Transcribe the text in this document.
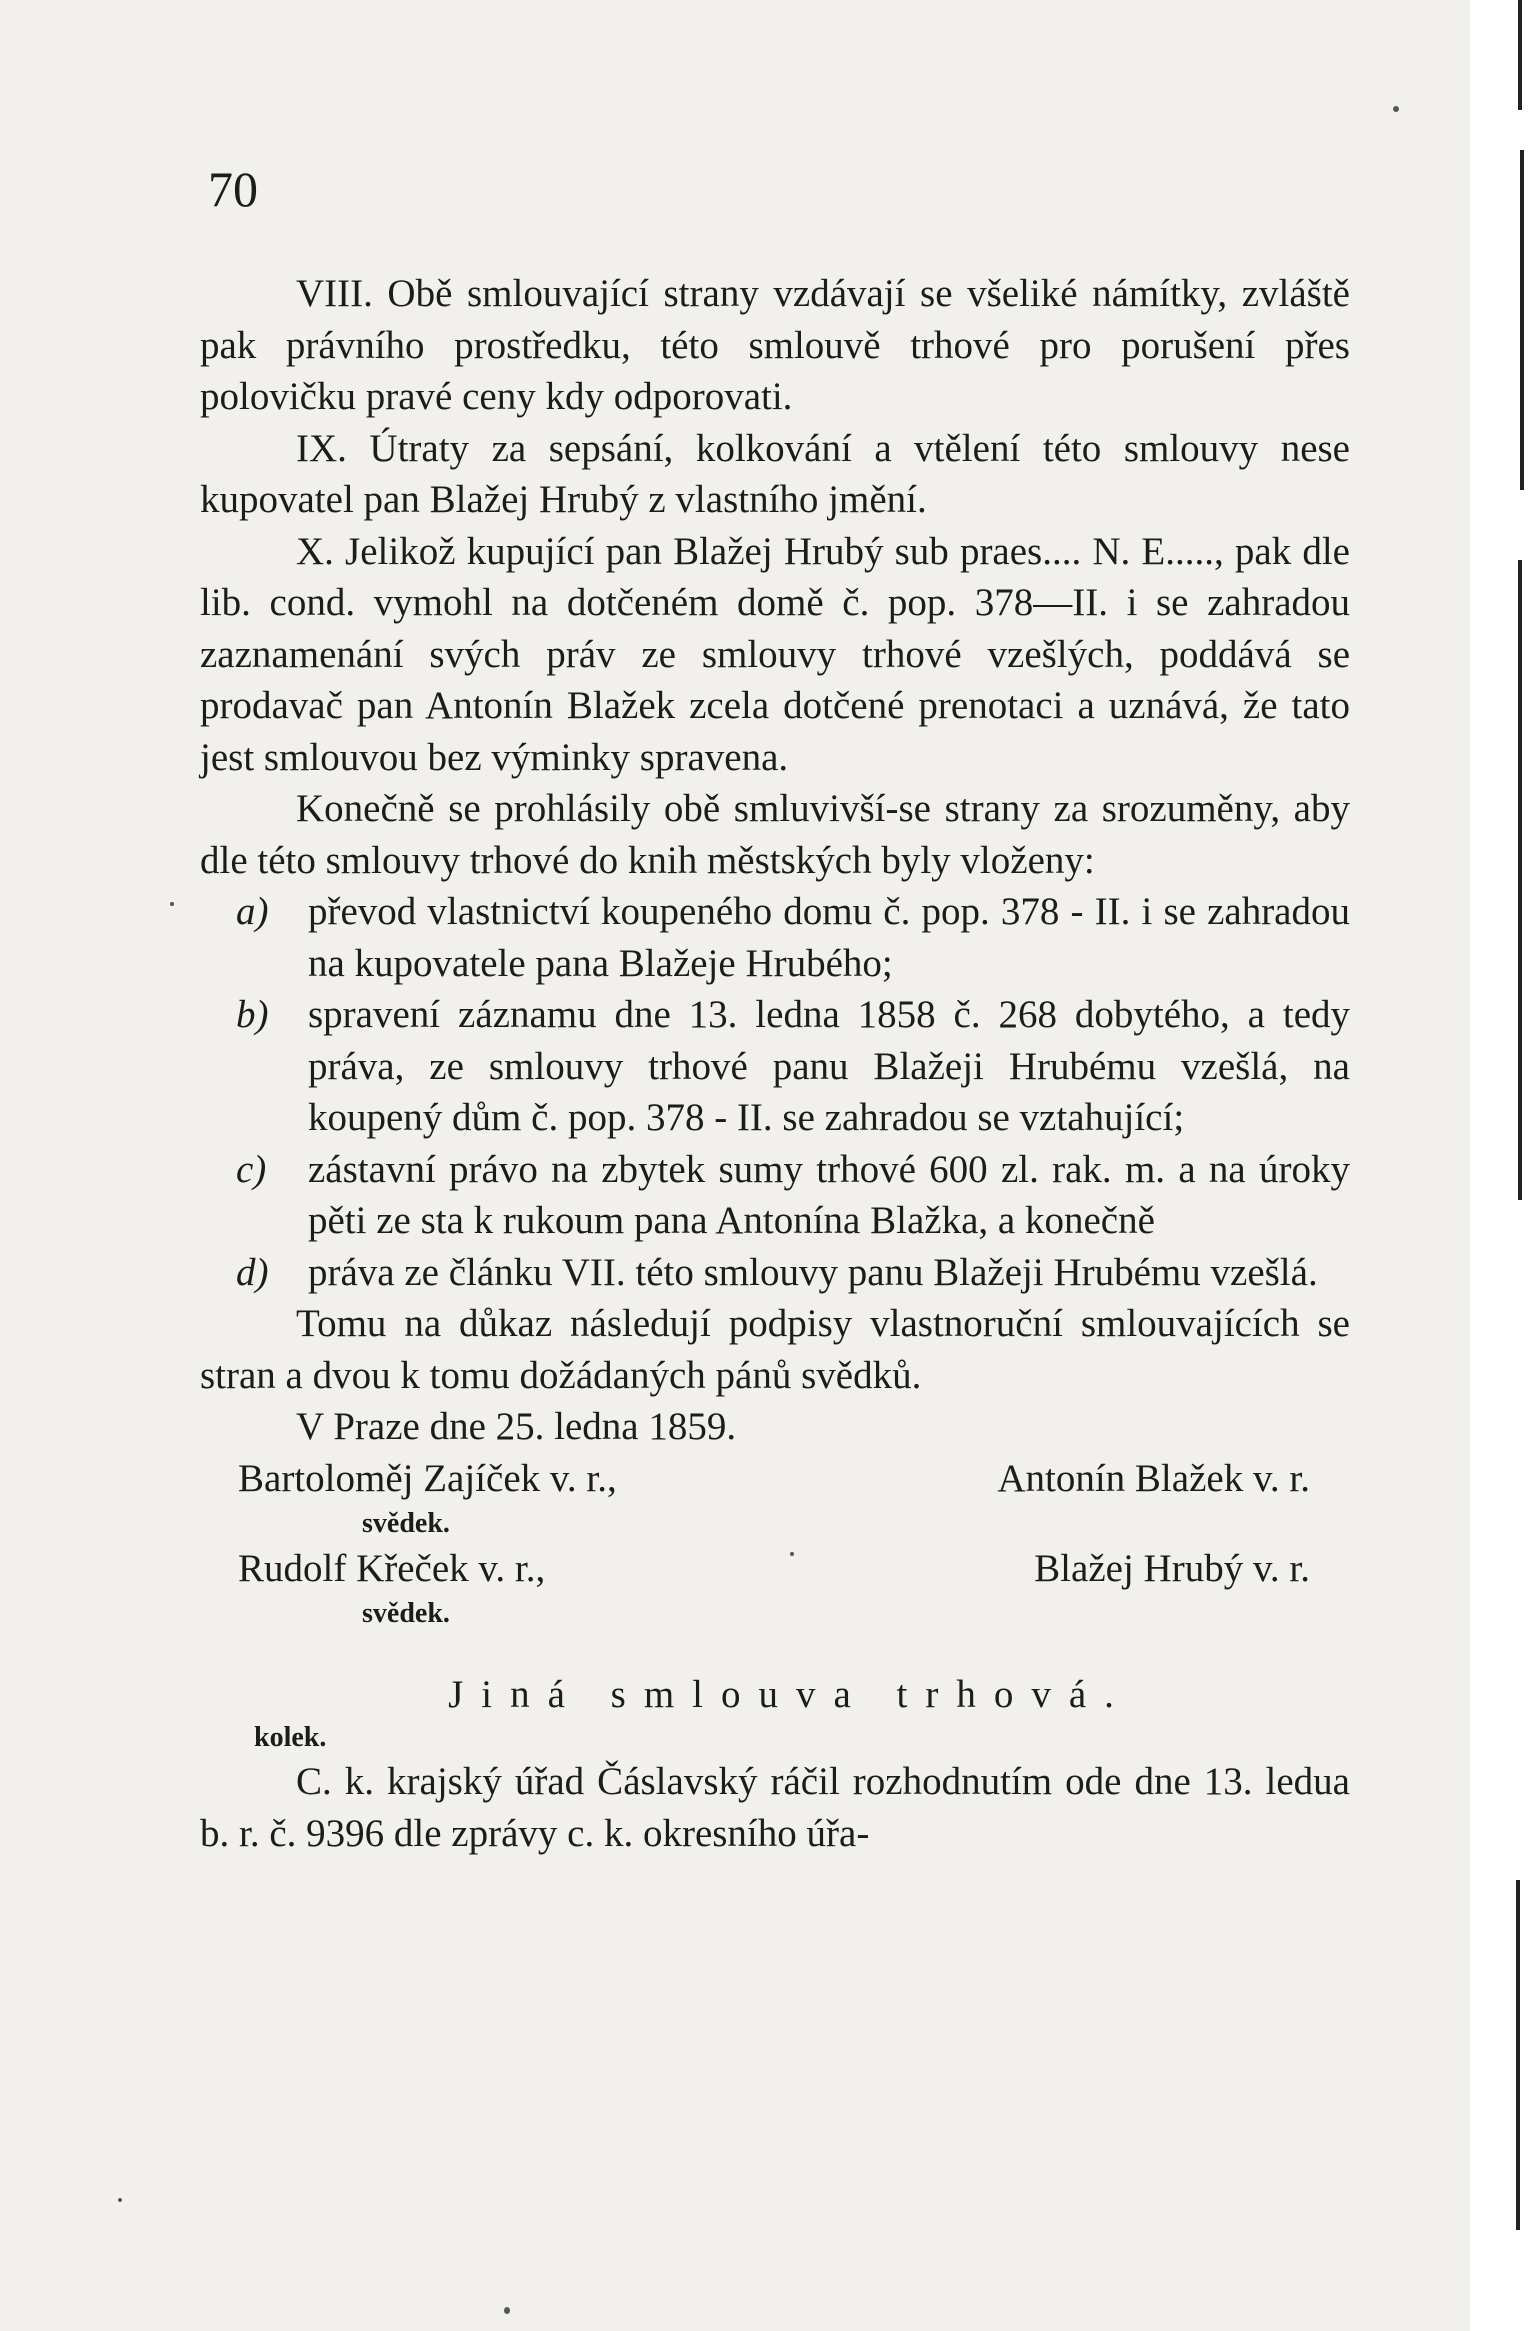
70

VIII. Obě smlouvající strany vzdávají se všeliké námítky, zvláště pak právního prostředku, této smlouvě trhové pro porušení přes polovičku pravé ceny kdy odporovati.

IX. Útraty za sepsání, kolkování a vtělení této smlouvy nese kupovatel pan Blažej Hrubý z vlastního jmění.

X. Jelikož kupující pan Blažej Hrubý sub praes.... N. E....., pak dle lib. cond. vymohl na dotčeném domě č. pop. 378—II. i se zahradou zaznamenání svých práv ze smlouvy trhové vzešlých, poddává se prodavač pan Antonín Blažek zcela dotčené prenotaci a uznává, že tato jest smlouvou bez výminky spravena.

Konečně se prohlásily obě smluvivší-se strany za srozuměny, aby dle této smlouvy trhové do knih městských byly vloženy:

a) převod vlastnictví koupeného domu č. pop. 378 - II. i se zahradou na kupovatele pana Blažeje Hrubého;
b) spravení záznamu dne 13. ledna 1858 č. 268 dobytého, a tedy práva, ze smlouvy trhové panu Blažeji Hrubému vzešlá, na koupený dům č. pop. 378 - II. se zahradou se vztahující;
c) zástavní právo na zbytek sumy trhové 600 zl. rak. m. a na úroky pěti ze sta k rukoum pana Antonína Blažka, a konečně
d) práva ze článku VII. této smlouvy panu Blažeji Hrubému vzešlá.

Tomu na důkaz následují podpisy vlastnoruční smlouvajících se stran a dvou k tomu dožádaných pánů svědků.

V Praze dne 25. ledna 1859.

Bartoloměj Zajíček v. r.,	Antonín Blažek v. r.
svědek.
Rudolf Křeček v. r.,	Blažej Hrubý v. r.
svědek.
Jiná smlouva trhová.
kolek.

C. k. krajský úřad Čáslavský ráčil rozhodnutím ode dne 13. ledua b. r. č. 9396 dle zprávy c. k. okresního úřa-
